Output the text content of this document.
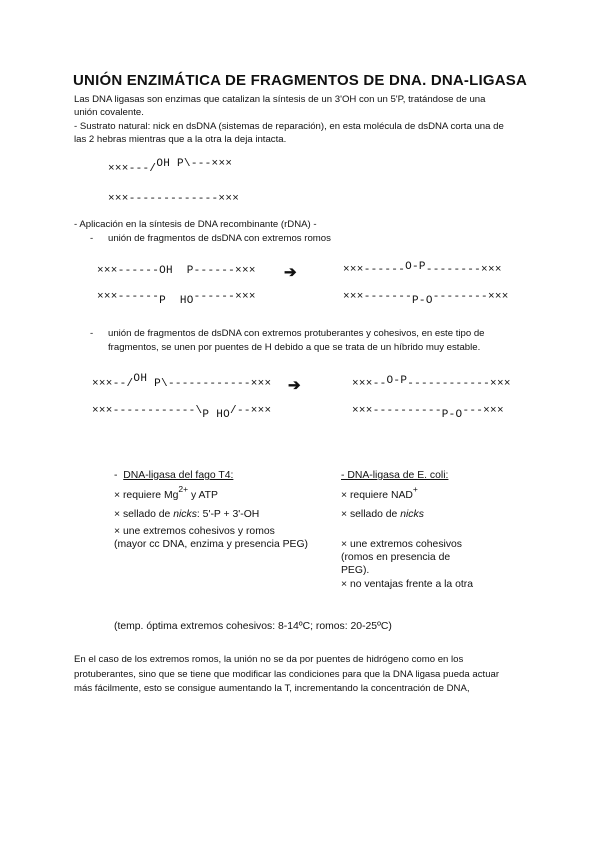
UNIÓN ENZIMÁTICA DE FRAGMENTOS DE DNA. DNA-LIGASA
Las DNA ligasas son enzimas que catalizan la síntesis de un 3'OH con un 5'P, tratándose de una
unión covalente.
- Sustrato natural: nick en dsDNA (sistemas de reparación), en esta molécula de dsDNA corta una de
las 2 hebras mientras que a la otra la deja intacta.
×××---/OH P\---×××
×××-------------×××
- Aplicación en la síntesis de DNA recombinante (rDNA) -
- unión de fragmentos de dsDNA con extremos romos
×××------OH P------×××
×××------P HO------×××
➔	×××------O-P--------×××
×××-------P-O--------×××
- unión de fragmentos de dsDNA con extremos protuberantes y cohesivos, en este tipo de
fragmentos, se unen por puentes de H debido a que se trata de un híbrido muy estable.
×××--/OH P\------------×××
×××------------\P HO/--×××
➔	×××--O-P------------×××
×××----------P-O---×××
- DNA-ligasa del fago T4:
× requiere $Mg^{2+}$ y ATP
× sellado de nicks: 5'-P + 3'-OH
× une extremos cohesivos y romos
(mayor cc DNA, enzima y presencia PEG)
- DNA-ligasa de E. coli:
× requiere NAD+
× sellado de nicks
× une extremos cohesivos
(romos en presencia de
PEG).
× no ventajas frente a la otra
(temp. óptima extremos cohesivos: 8-14ºC; romos: 20-25ºC)
En el caso de los extremos romos, la unión no se da por puentes de hidrógeno como en los
protuberantes, sino que se tiene que modificar las condiciones para que la DNA ligasa pueda actuar
más fácilmente, esto se consigue aumentando la T, incrementando la concentración de DNA,
